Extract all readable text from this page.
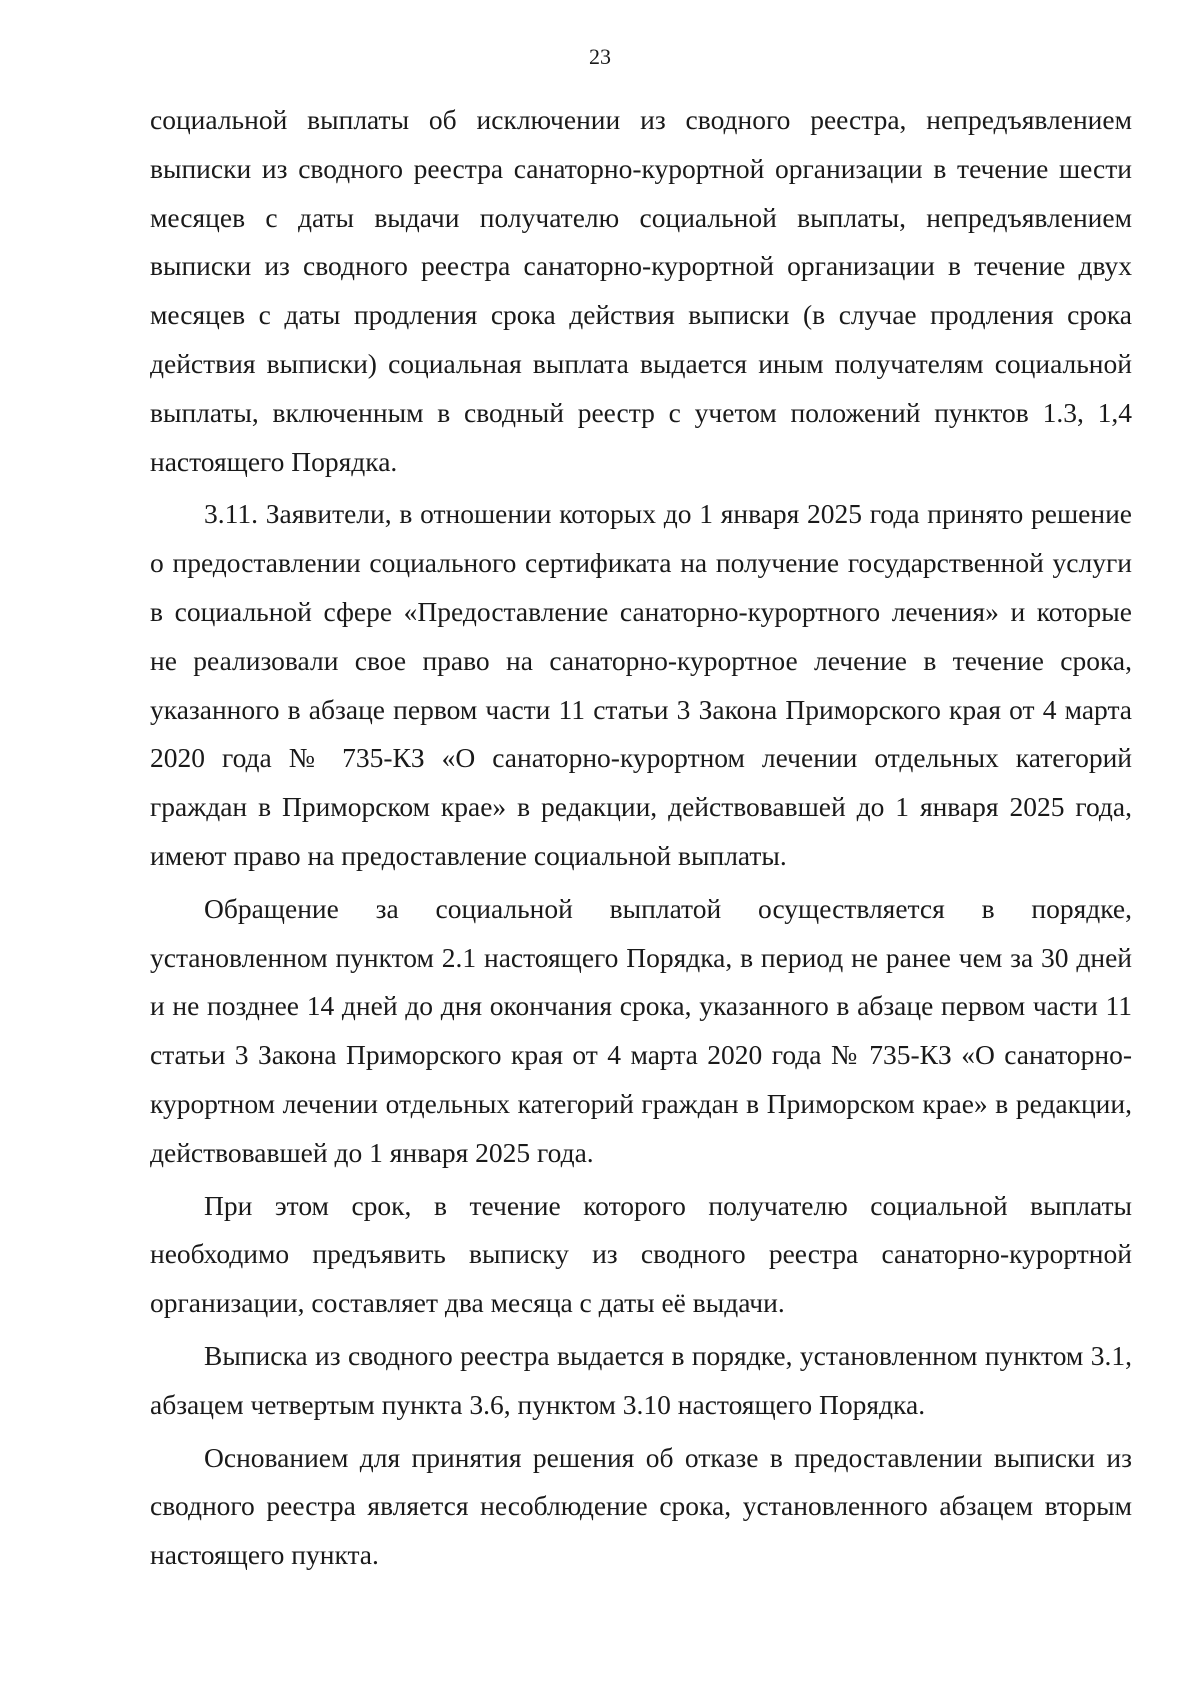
23

социальной выплаты об исключении из сводного реестра, непредъявлением выписки из сводного реестра санаторно-курортной организации в течение шести месяцев с даты выдачи получателю социальной выплаты, непредъявлением выписки из сводного реестра санаторно-курортной организации в течение двух месяцев с даты продления срока действия выписки (в случае продления срока действия выписки) социальная выплата выдается иным получателям социальной выплаты, включенным в сводный реестр с учетом положений пунктов 1.3, 1,4 настоящего Порядка.

3.11. Заявители, в отношении которых до 1 января 2025 года принято решение о предоставлении социального сертификата на получение государственной услуги в социальной сфере «Предоставление санаторно-курортного лечения» и которые не реализовали свое право на санаторно-курортное лечение в течение срока, указанного в абзаце первом части 11 статьи 3 Закона Приморского края от 4 марта 2020 года № 735-КЗ «О санаторно-курортном лечении отдельных категорий граждан в Приморском крае» в редакции, действовавшей до 1 января 2025 года, имеют право на предоставление социальной выплаты.

Обращение за социальной выплатой осуществляется в порядке, установленном пунктом 2.1 настоящего Порядка, в период не ранее чем за 30 дней и не позднее 14 дней до дня окончания срока, указанного в абзаце первом части 11 статьи 3 Закона Приморского края от 4 марта 2020 года № 735-КЗ «О санаторно-курортном лечении отдельных категорий граждан в Приморском крае» в редакции, действовавшей до 1 января 2025 года.

При этом срок, в течение которого получателю социальной выплаты необходимо предъявить выписку из сводного реестра санаторно-курортной организации, составляет два месяца с даты её выдачи.

Выписка из сводного реестра выдается в порядке, установленном пунктом 3.1, абзацем четвертым пункта 3.6, пунктом 3.10 настоящего Порядка.

Основанием для принятия решения об отказе в предоставлении выписки из сводного реестра является несоблюдение срока, установленного абзацем вторым настоящего пункта.
